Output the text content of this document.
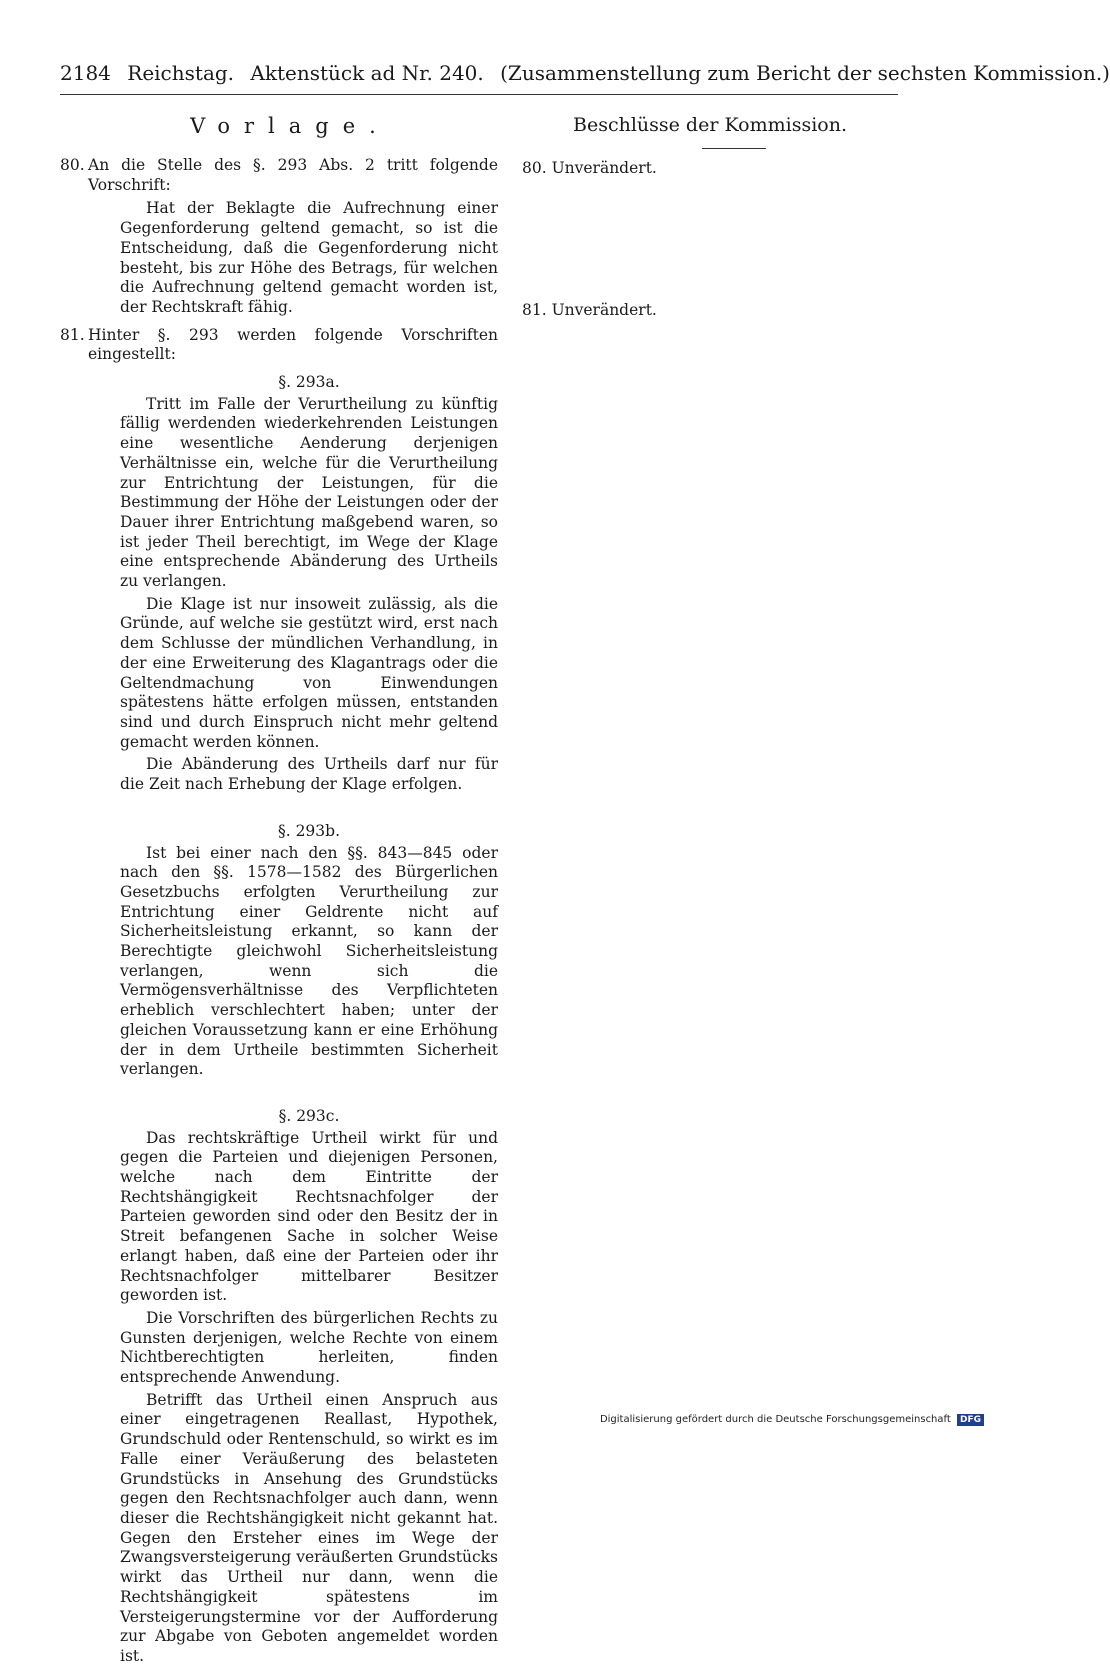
2184 Reichstag. Aktenstück ad Nr. 240. (Zusammenstellung zum Bericht der sechsten Kommission.)
Vorlage.	Beschlüsse der Kommission.
80. An die Stelle des §. 293 Abs. 2 tritt folgende Vorschrift:
Hat der Beklagte die Aufrechnung einer Gegenforderung geltend gemacht, so ist die Entscheidung, daß die Gegenforderung nicht besteht, bis zur Höhe des Betrags, für welchen die Aufrechnung geltend gemacht worden ist, der Rechtskraft fähig.
81. Hinter §. 293 werden folgende Vorschriften eingestellt:
§. 293a.
Tritt im Falle der Verurtheilung zu künftig fällig werdenden wiederkehrenden Leistungen eine wesentliche Aenderung derjenigen Verhältnisse ein, welche für die Verurtheilung zur Entrichtung der Leistungen, für die Bestimmung der Höhe der Leistungen oder der Dauer ihrer Entrichtung maßgebend waren, so ist jeder Theil berechtigt, im Wege der Klage eine entsprechende Abänderung des Urtheils zu verlangen.
Die Klage ist nur insoweit zulässig, als die Gründe, auf welche sie gestützt wird, erst nach dem Schlusse der mündlichen Verhandlung, in der eine Erweiterung des Klagantrags oder die Geltendmachung von Einwendungen spätestens hätte erfolgen müssen, entstanden sind und durch Einspruch nicht mehr geltend gemacht werden können.
Die Abänderung des Urtheils darf nur für die Zeit nach Erhebung der Klage erfolgen.
§. 293b.
Ist bei einer nach den §§. 843—845 oder nach den §§. 1578—1582 des Bürgerlichen Gesetzbuchs erfolgten Verurtheilung zur Entrichtung einer Geldrente nicht auf Sicherheitsleistung erkannt, so kann der Berechtigte gleichwohl Sicherheitsleistung verlangen, wenn sich die Vermögensverhältnisse des Verpflichteten erheblich verschlechtert haben; unter der gleichen Voraussetzung kann er eine Erhöhung der in dem Urtheile bestimmten Sicherheit verlangen.
§. 293c.
Das rechtskräftige Urtheil wirkt für und gegen die Parteien und diejenigen Personen, welche nach dem Eintritte der Rechtshängigkeit Rechtsnachfolger der Parteien geworden sind oder den Besitz der in Streit befangenen Sache in solcher Weise erlangt haben, daß eine der Parteien oder ihr Rechtsnachfolger mittelbarer Besitzer geworden ist.
Die Vorschriften des bürgerlichen Rechts zu Gunsten derjenigen, welche Rechte von einem Nichtberechtigten herleiten, finden entsprechende Anwendung.
Betrifft das Urtheil einen Anspruch aus einer eingetragenen Reallast, Hypothek, Grundschuld oder Rentenschuld, so wirkt es im Falle einer Veräußerung des belasteten Grundstücks in Ansehung des Grundstücks gegen den Rechtsnachfolger auch dann, wenn dieser die Rechtshängigkeit nicht gekannt hat. Gegen den Ersteher eines im Wege der Zwangsversteigerung veräußerten Grundstücks wirkt das Urtheil nur dann, wenn die Rechtshängigkeit spätestens im Versteigerungstermine vor der Aufforderung zur Abgabe von Geboten angemeldet worden ist.
80. Unverändert.
81. Unverändert.
Digitalisierung gefördert durch die Deutsche Forschungsgemeinschaft DFG
